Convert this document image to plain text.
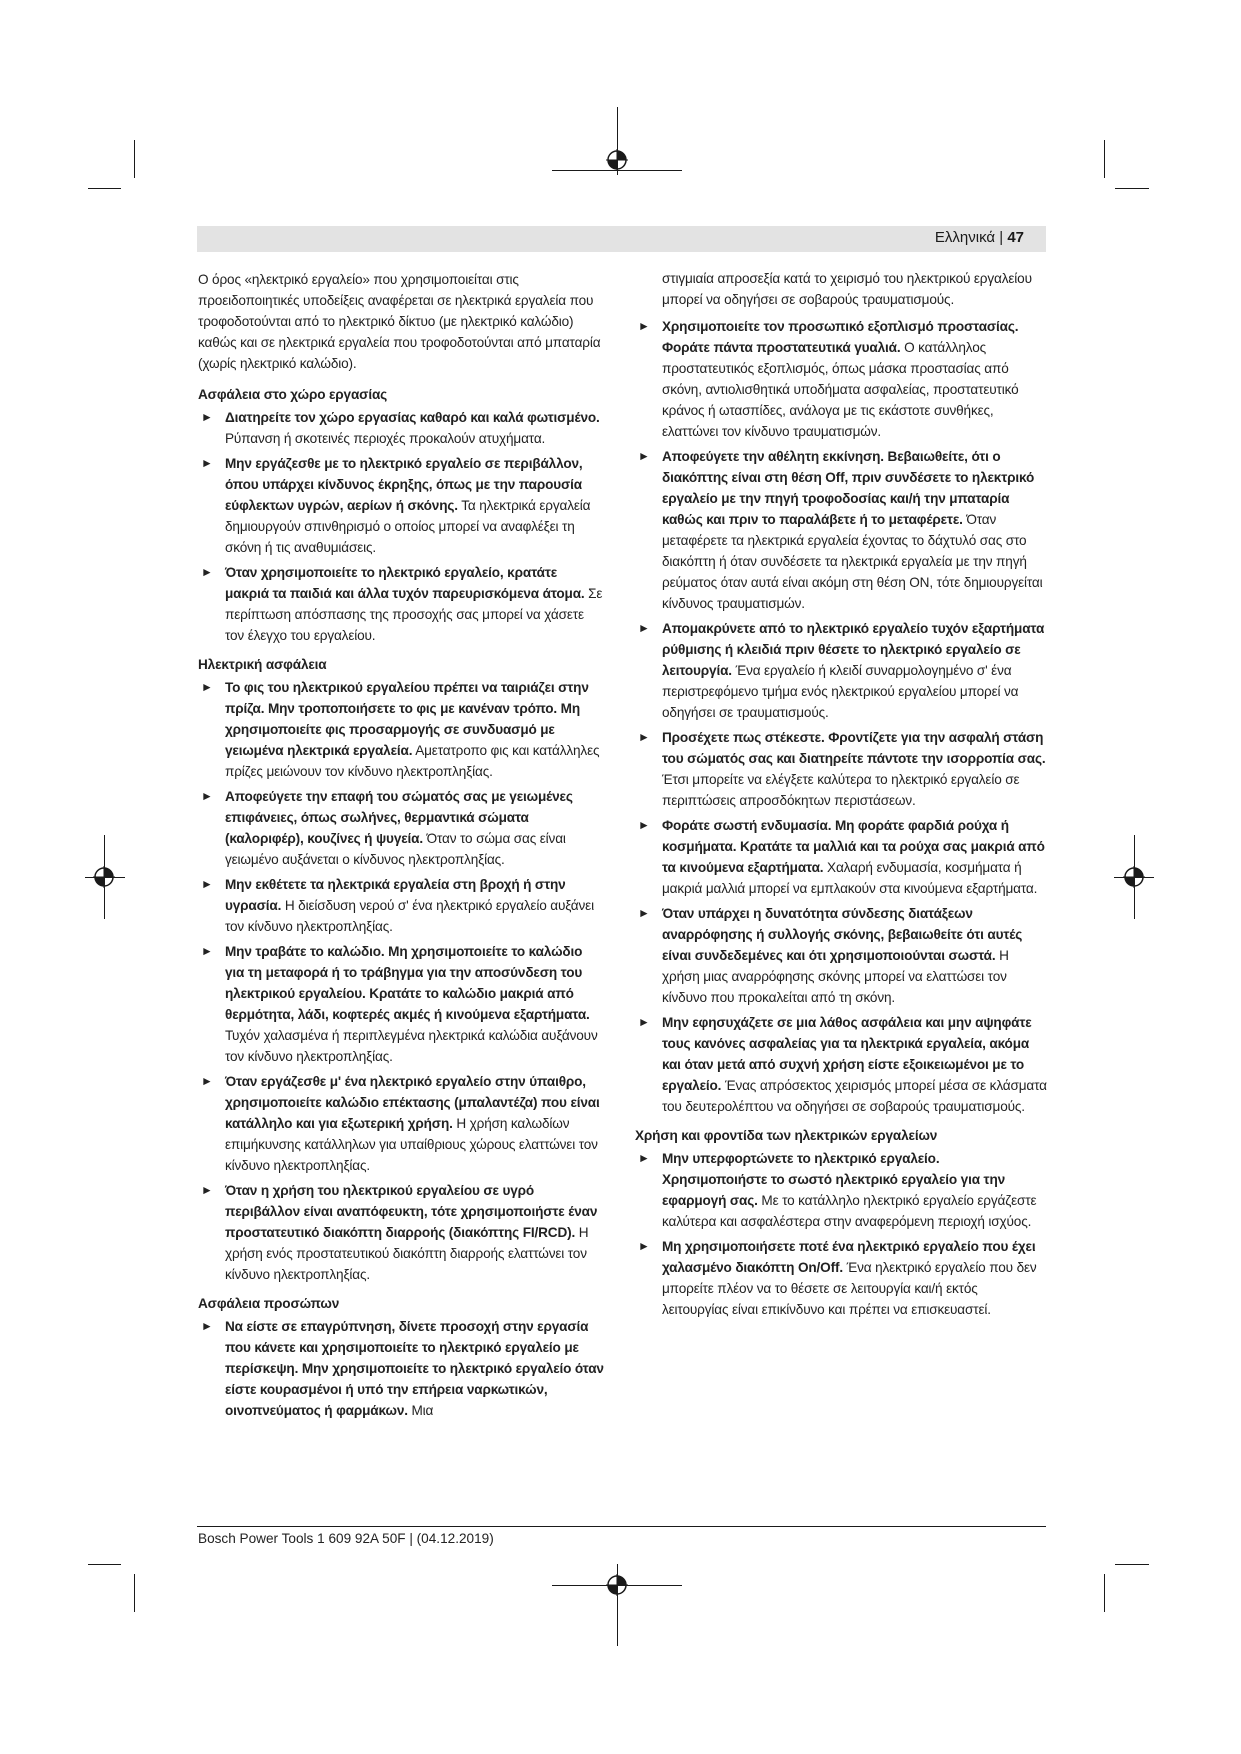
Ελληνικά | 47

Ο όρος «ηλεκτρικό εργαλείο» που χρησιμοποιείται στις προειδοποιητικές υποδείξεις αναφέρεται σε ηλεκτρικά εργαλεία που τροφοδοτούνται από το ηλεκτρικό δίκτυο (με ηλεκτρικό καλώδιο) καθώς και σε ηλεκτρικά εργαλεία που τροφοδοτούνται από μπαταρία (χωρίς ηλεκτρικό καλώδιο).

Ασφάλεια στο χώρο εργασίας

► Διατηρείτε τον χώρο εργασίας καθαρό και καλά φωτισμένο. Ρύπανση ή σκοτεινές περιοχές προκαλούν ατυχήματα.

► Μην εργάζεσθε με το ηλεκτρικό εργαλείο σε περιβάλλον, όπου υπάρχει κίνδυνος έκρηξης, όπως με την παρουσία εύφλεκτων υγρών, αερίων ή σκόνης. Τα ηλεκτρικά εργαλεία δημιουργούν σπινθηρισμό ο οποίος μπορεί να αναφλέξει τη σκόνη ή τις αναθυμιάσεις.

► Όταν χρησιμοποιείτε το ηλεκτρικό εργαλείο, κρατάτε μακριά τα παιδιά και άλλα τυχόν παρευρισκόμενα άτομα. Σε περίπτωση απόσπασης της προσοχής σας μπορεί να χάσετε τον έλεγχο του εργαλείου.

Ηλεκτρική ασφάλεια

► Το φις του ηλεκτρικού εργαλείου πρέπει να ταιριάζει στην πρίζα. Μην τροποποιήσετε το φις με κανέναν τρόπο. Μη χρησιμοποιείτε φις προσαρμογής σε συνδυασμό με γειωμένα ηλεκτρικά εργαλεία. Αμετατροπο φις και κατάλληλες πρίζες μειώνουν τον κίνδυνο ηλεκτροπληξίας.

► Αποφεύγετε την επαφή του σώματός σας με γειωμένες επιφάνειες, όπως σωλήνες, θερμαντικά σώματα (καλοριφέρ), κουζίνες ή ψυγεία. Όταν το σώμα σας είναι γειωμένο αυξάνεται ο κίνδυνος ηλεκτροπληξίας.

► Μην εκθέτετε τα ηλεκτρικά εργαλεία στη βροχή ή στην υγρασία. Η διείσδυση νερού σ' ένα ηλεκτρικό εργαλείο αυξάνει τον κίνδυνο ηλεκτροπληξίας.

► Μην τραβάτε το καλώδιο. Μη χρησιμοποιείτε το καλώδιο για τη μεταφορά ή το τράβηγμα για την αποσύνδεση του ηλεκτρικού εργαλείου. Κρατάτε το καλώδιο μακριά από θερμότητα, λάδι, κοφτερές ακμές ή κινούμενα εξαρτήματα. Τυχόν χαλασμένα ή περιπλεγμένα ηλεκτρικά καλώδια αυξάνουν τον κίνδυνο ηλεκτροπληξίας.

► Όταν εργάζεσθε μ' ένα ηλεκτρικό εργαλείο στην ύπαιθρο, χρησιμοποιείτε καλώδιο επέκτασης (μπαλαντέζα) που είναι κατάλληλο και για εξωτερική χρήση. Η χρήση καλωδίων επιμήκυνσης κατάλληλων για υπαίθριους χώρους ελαττώνει τον κίνδυνο ηλεκτροπληξίας.

► Όταν η χρήση του ηλεκτρικού εργαλείου σε υγρό περιβάλλον είναι αναπόφευκτη, τότε χρησιμοποιήστε έναν προστατευτικό διακόπτη διαρροής (διακόπτης FI/RCD). Η χρήση ενός προστατευτικού διακόπτη διαρροής ελαττώνει τον κίνδυνο ηλεκτροπληξίας.

Ασφάλεια προσώπων

► Να είστε σε επαγρύπνηση, δίνετε προσοχή στην εργασία που κάνετε και χρησιμοποιείτε το ηλεκτρικό εργαλείο με περίσκεψη. Μην χρησιμοποιείτε το ηλεκτρικό εργαλείο όταν είστε κουρασμένοι ή υπό την επήρεια ναρκωτικών, οινοπνεύματος ή φαρμάκων. Μια

στιγμιαία απροσεξία κατά το χειρισμό του ηλεκτρικού εργαλείου μπορεί να οδηγήσει σε σοβαρούς τραυματισμούς.

► Χρησιμοποιείτε τον προσωπικό εξοπλισμό προστασίας. Φοράτε πάντα προστατευτικά γυαλιά. Ο κατάλληλος προστατευτικός εξοπλισμός, όπως μάσκα προστασίας από σκόνη, αντιολισθητικά υποδήματα ασφαλείας, προστατευτικό κράνος ή ωτασπίδες, ανάλογα με τις εκάστοτε συνθήκες, ελαττώνει τον κίνδυνο τραυματισμών.

► Αποφεύγετε την αθέλητη εκκίνηση. Βεβαιωθείτε, ότι ο διακόπτης είναι στη θέση Off, πριν συνδέσετε το ηλεκτρικό εργαλείο με την πηγή τροφοδοσίας και/ή την μπαταρία καθώς και πριν το παραλάβετε ή το μεταφέρετε. Όταν μεταφέρετε τα ηλεκτρικά εργαλεία έχοντας το δάχτυλό σας στο διακόπτη ή όταν συνδέσετε τα ηλεκτρικά εργαλεία με την πηγή ρεύματος όταν αυτά είναι ακόμη στη θέση ON, τότε δημιουργείται κίνδυνος τραυματισμών.

► Απομακρύνετε από το ηλεκτρικό εργαλείο τυχόν εξαρτήματα ρύθμισης ή κλειδιά πριν θέσετε το ηλεκτρικό εργαλείο σε λειτουργία. Ένα εργαλείο ή κλειδί συναρμολογημένο σ' ένα περιστρεφόμενο τμήμα ενός ηλεκτρικού εργαλείου μπορεί να οδηγήσει σε τραυματισμούς.

► Προσέχετε πως στέκεστε. Φροντίζετε για την ασφαλή στάση του σώματός σας και διατηρείτε πάντοτε την ισορροπία σας. Έτσι μπορείτε να ελέγξετε καλύτερα το ηλεκτρικό εργαλείο σε περιπτώσεις απροσδόκητων περιστάσεων.

► Φοράτε σωστή ενδυμασία. Μη φοράτε φαρδιά ρούχα ή κοσμήματα. Κρατάτε τα μαλλιά και τα ρούχα σας μακριά από τα κινούμενα εξαρτήματα. Χαλαρή ενδυμασία, κοσμήματα ή μακριά μαλλιά μπορεί να εμπλακούν στα κινούμενα εξαρτήματα.

► Όταν υπάρχει η δυνατότητα σύνδεσης διατάξεων αναρρόφησης ή συλλογής σκόνης, βεβαιωθείτε ότι αυτές είναι συνδεδεμένες και ότι χρησιμοποιούνται σωστά. Η χρήση μιας αναρρόφησης σκόνης μπορεί να ελαττώσει τον κίνδυνο που προκαλείται από τη σκόνη.

► Μην εφησυχάζετε σε μια λάθος ασφάλεια και μην αψηφάτε τους κανόνες ασφαλείας για τα ηλεκτρικά εργαλεία, ακόμα και όταν μετά από συχνή χρήση είστε εξοικειωμένοι με το εργαλείο. Ένας απρόσεκτος χειρισμός μπορεί μέσα σε κλάσματα του δευτερολέπτου να οδηγήσει σε σοβαρούς τραυματισμούς.

Χρήση και φροντίδα των ηλεκτρικών εργαλείων

► Μην υπερφορτώνετε το ηλεκτρικό εργαλείο. Χρησιμοποιήστε το σωστό ηλεκτρικό εργαλείο για την εφαρμογή σας. Με το κατάλληλο ηλεκτρικό εργαλείο εργάζεστε καλύτερα και ασφαλέστερα στην αναφερόμενη περιοχή ισχύος.

► Μη χρησιμοποιήσετε ποτέ ένα ηλεκτρικό εργαλείο που έχει χαλασμένο διακόπτη On/Off. Ένα ηλεκτρικό εργαλείο που δεν μπορείτε πλέον να το θέσετε σε λειτουργία και/ή εκτός λειτουργίας είναι επικίνδυνο και πρέπει να επισκευαστεί.

Bosch Power Tools 1 609 92A 50F | (04.12.2019)
